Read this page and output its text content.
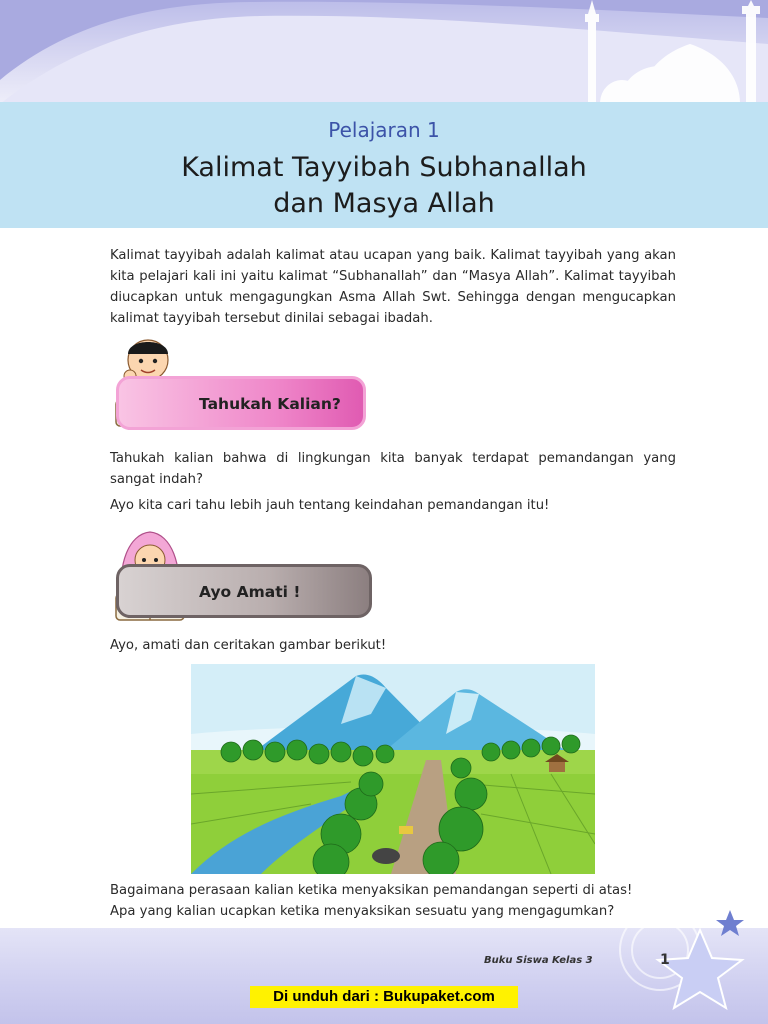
Pelajaran 1
Kalimat Tayyibah Subhanallah
dan Masya Allah

Kalimat tayyibah adalah kalimat atau ucapan yang baik. Kalimat tayyibah yang akan kita pelajari kali ini yaitu kalimat “Subhanallah” dan “Masya Allah”. Kalimat tayyibah diucapkan untuk mengagungkan Asma Allah Swt. Sehingga dengan mengucapkan kalimat tayyibah tersebut dinilai sebagai ibadah.

Tahukah Kalian?

Tahukah kalian bahwa di lingkungan kita banyak terdapat pemandangan yang sangat indah?

Ayo kita cari tahu lebih jauh tentang keindahan pemandangan itu!

Ayo Amati !

Ayo, amati dan ceritakan gambar berikut!

Bagaimana perasaan kalian ketika menyaksikan pemandangan seperti di atas!

Apa yang kalian ucapkan ketika menyaksikan sesuatu yang mengagumkan?

Buku Siswa Kelas 3	1
Di unduh dari : Bukupaket.com
